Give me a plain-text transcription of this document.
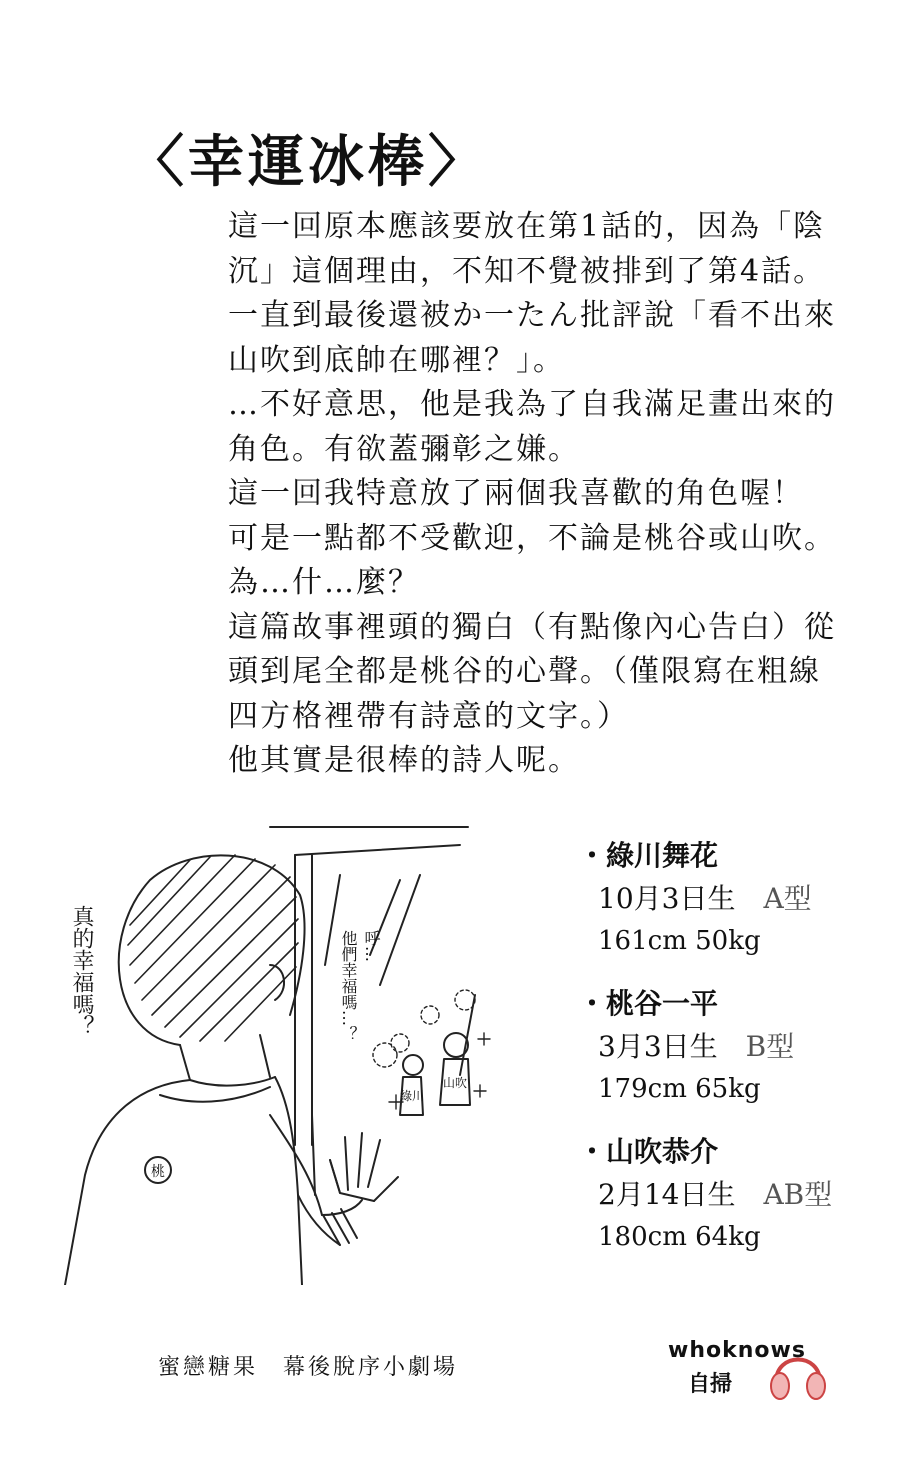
〈幸運冰棒〉

這一回原本應該要放在第1話的，因為「陰

沉」這個理由，不知不覺被排到了第4話。

一直到最後還被か一たん批評說「看不出來

山吹到底帥在哪裡？」。

…不好意思，他是我為了自我滿足畫出來的

角色。有欲蓋彌彰之嫌。

這一回我特意放了兩個我喜歡的角色喔！

可是一點都不受歡迎，不論是桃谷或山吹。

為…什…麼？

這篇故事裡頭的獨白（有點像內心告白）從

頭到尾全都是桃谷的心聲。（僅限寫在粗線

四方格裡帶有詩意的文字。）

他其實是很棒的詩人呢。

桃
綠川
山吹
真的幸福嗎？	呼…
他們幸福嗎…？
・綠川舞花
10月3日生 A型
161cm 50kg
・桃谷一平
3月3日生 B型
179cm 65kg
・山吹恭介
2月14日生 AB型
180cm 64kg
蜜戀糖果　幕後脫序小劇場
whoknows
自掃
